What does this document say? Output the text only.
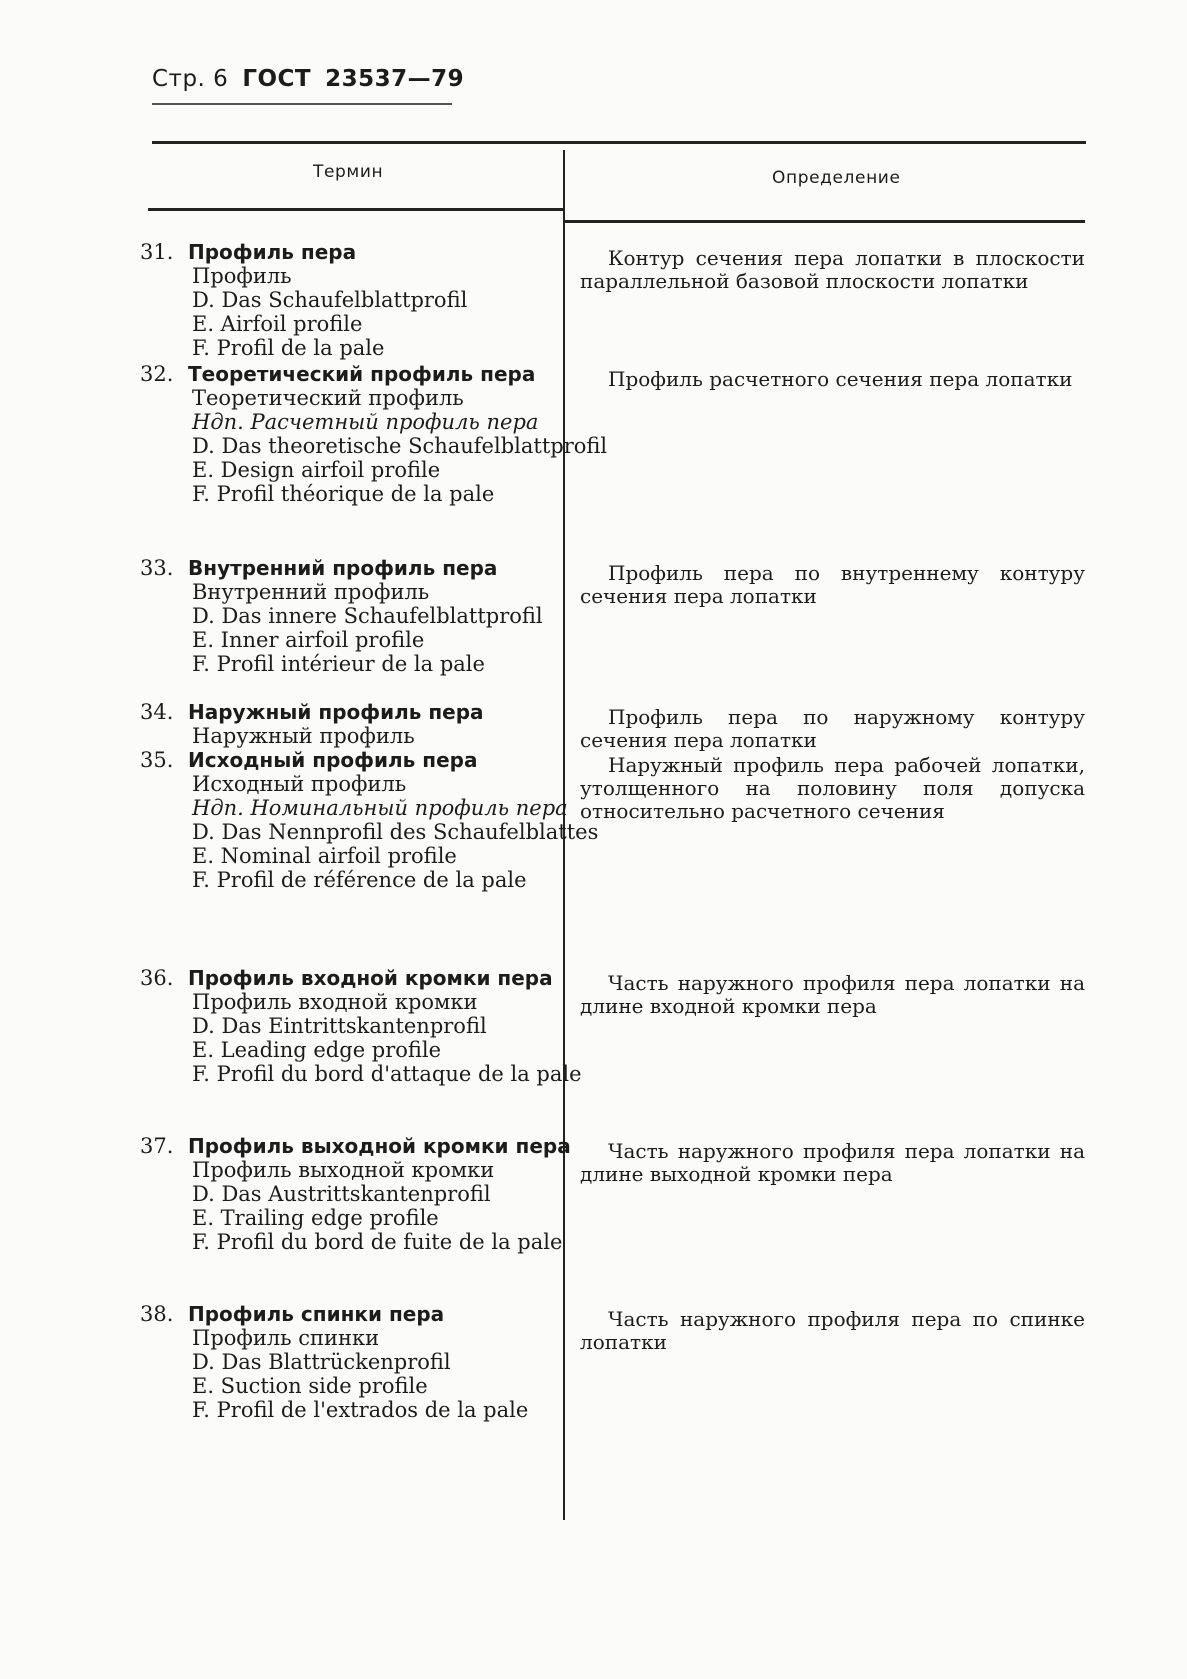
Стр. 6 ГОСТ 23537—79
Термин	Определение
31. Профиль пера
Профиль
D. Das Schaufelblattprofil
E. Airfoil profile
F. Profil de la pale

Контур сечения пера лопатки в плоскости параллельной базовой плоскости лопатки

32. Теоретический профиль пера
Теоретический профиль
Ндп. Расчетный профиль пера
D. Das theoretische Schaufelblattprofil
E. Design airfoil profile
F. Profil théorique de la pale

Профиль расчетного сечения пера лопатки

33. Внутренний профиль пера
Внутренний профиль
D. Das innere Schaufelblattprofil
E. Inner airfoil profile
F. Profil intérieur de la pale

Профиль пера по внутреннему контуру сечения пера лопатки

34. Наружный профиль пера
Наружный профиль

Профиль пера по наружному контуру сечения пера лопатки

35. Исходный профиль пера
Исходный профиль
Ндп. Номинальный профиль пера
D. Das Nennprofil des Schaufelblattes
E. Nominal airfoil profile
F. Profil de référence de la pale

Наружный профиль пера рабочей лопатки, утолщенного на половину поля допуска относительно расчетного сечения

36. Профиль входной кромки пера
Профиль входной кромки
D. Das Eintrittskantenprofil
E. Leading edge profile
F. Profil du bord d'attaque de la pale

Часть наружного профиля пера лопатки на длине входной кромки пера

37. Профиль выходной кромки пера
Профиль выходной кромки
D. Das Austrittskantenprofil
E. Trailing edge profile
F. Profil du bord de fuite de la pale

Часть наружного профиля пера лопатки на длине выходной кромки пера

38. Профиль спинки пера
Профиль спинки
D. Das Blattrückenprofil
E. Suction side profile
F. Profil de l'extrados de la pale

Часть наружного профиля пера по спинке лопатки
